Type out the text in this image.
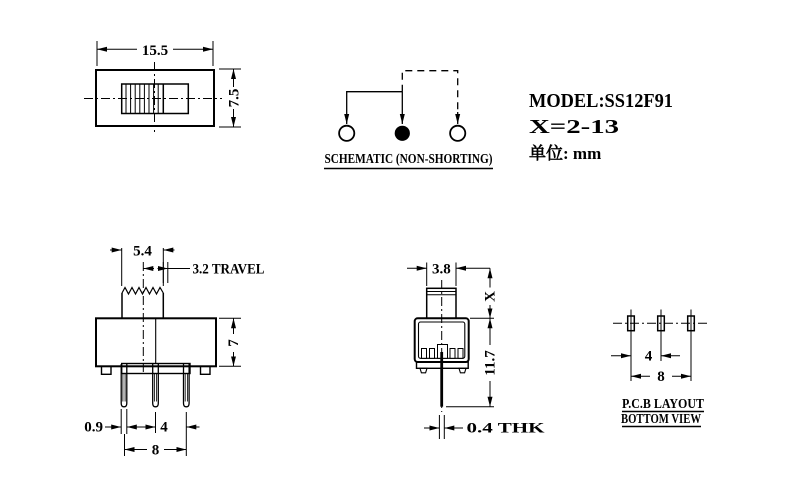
15.5
7.5
SCHEMATIC (NON-SHORTING)
MODEL:SS12F91
X=2-13
单位: mm
5.4
3.2 TRAVEL
7
0.9	4
8
3.8
X
11.7
0.4 THK
4
8
P.C.B LAYOUT
BOTTOM VIEW
